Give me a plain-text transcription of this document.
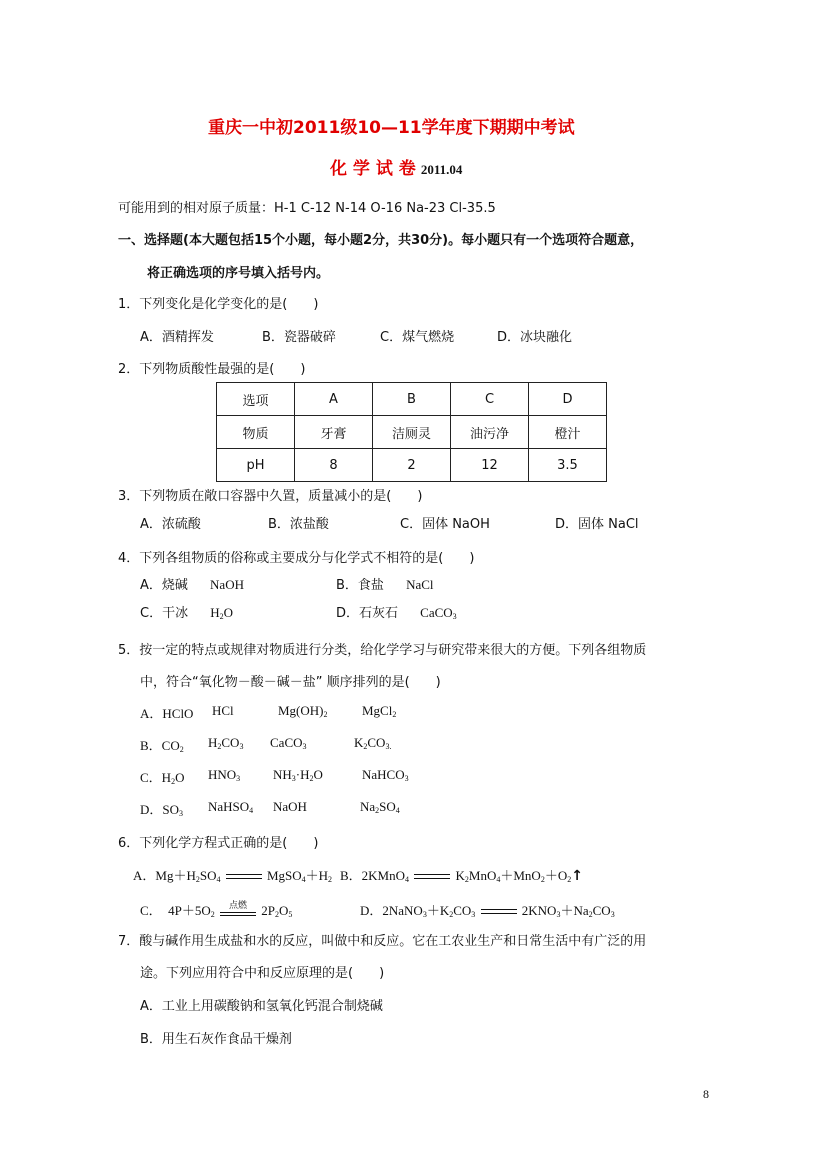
重庆一中初2011级10—11学年度下期期中考试
化 学 试 卷 2011.04
可能用到的相对原子质量：H-1 C-12 N-14 O-16 Na-23 Cl-35.5
一、选择题(本大题包括15个小题，每小题2分，共30分)。每小题只有一个选项符合题意，
将正确选项的序号填入括号内。
1．下列变化是化学变化的是(　　)
A．酒精挥发	B．瓷器破碎	C．煤气燃烧	D．冰块融化
2．下列物质酸性最强的是(　　)
选项	A	B	C	D
物质	牙膏	洁厕灵	油污净	橙汁
pH	8	2	12	3.5
3．下列物质在敞口容器中久置，质量减小的是(　　)
A．浓硫酸	B．浓盐酸	C．固体 NaOH	D．固体 NaCl
4．下列各组物质的俗称或主要成分与化学式不相符的是(　　)
A．烧碱 NaOH	B．食盐 NaCl
C．干冰 $H_2O$	D．石灰石 CaCO$_3$
5．按一定的特点或规律对物质进行分类，给化学学习与研究带来很大的方便。下列各组物质
中，符合“氧化物－酸－碱－盐” 顺序排列的是(　　)
A．HClO HCl	$Mg(OH)_2$	MgCl$_2$
B．$CO_2$ $H_2CO_3$ CaCO$_3$	$K_2CO_{3.}$
C．$H_2O$ $HNO_3$	$NH_3\cdot H_2O$	NaHCO$_3$
D．$SO_3$ NaHSO$_4$ NaOH	$Na_2SO_4$
6．下列化学方程式正确的是(　　)
A．$Mg+H_2SO_4$	$MgSO_4+H_2$ B．2KMnO$_4$	$K_2MnO_4+MnO_2+O_2↑$
C．  $4P+5O_2$
点燃 $2P_2O_5$	D．$2NaNO_3+K_2CO_3$	$2KNO_3+Na_2CO_3$
7．酸与碱作用生成盐和水的反应，叫做中和反应。它在工农业生产和日常生活中有广泛的用
途。下列应用符合中和反应原理的是(　　)
A．工业上用碳酸钠和氢氧化钙混合制烧碱
B．用生石灰作食品干燥剂
8
